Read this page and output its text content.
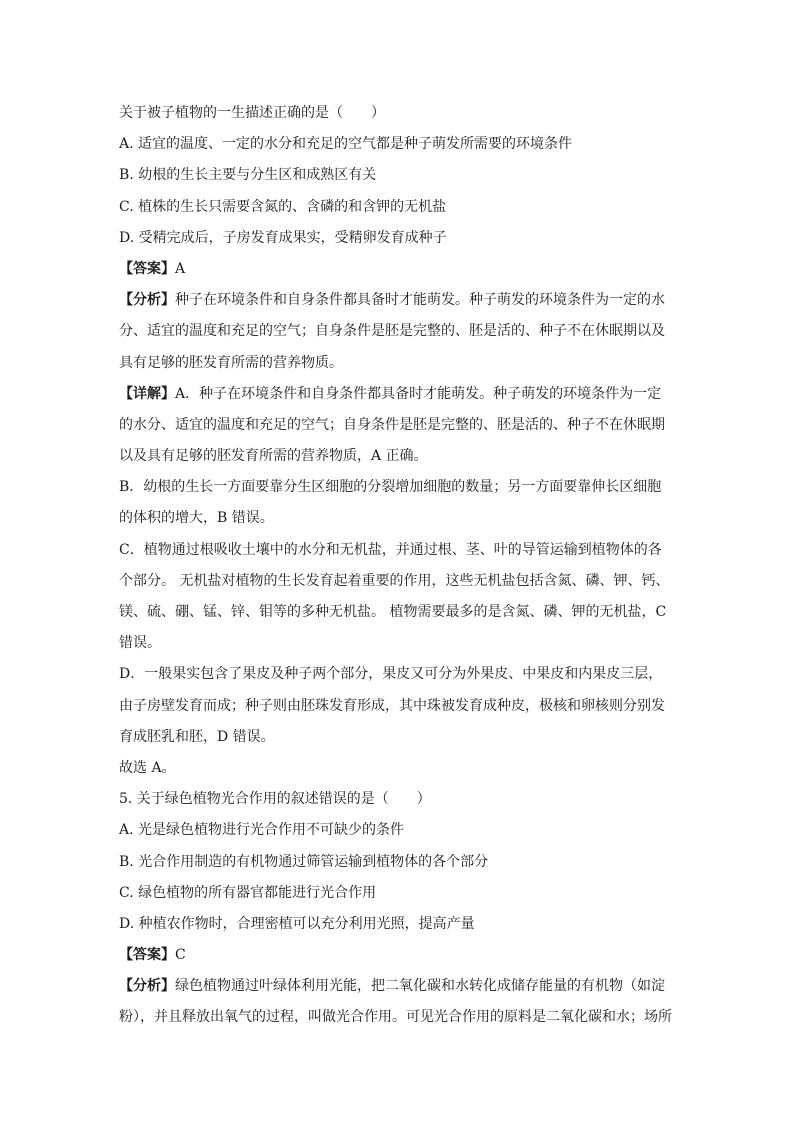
关于被子植物的一生描述正确的是（　　）
A. 适宜的温度、一定的水分和充足的空气都是种子萌发所需要的环境条件
B. 幼根的生长主要与分生区和成熟区有关
C. 植株的生长只需要含氮的、含磷的和含钾的无机盐
D. 受精完成后，子房发育成果实，受精卵发育成种子
【答案】A
【分析】种子在环境条件和自身条件都具备时才能萌发。种子萌发的环境条件为一定的水
分、适宜的温度和充足的空气；自身条件是胚是完整的、胚是活的、种子不在休眠期以及
具有足够的胚发育所需的营养物质。
【详解】A．种子在环境条件和自身条件都具备时才能萌发。种子萌发的环境条件为一定
的水分、适宜的温度和充足的空气；自身条件是胚是完整的、胚是活的、种子不在休眠期
以及具有足够的胚发育所需的营养物质，A 正确。
B．幼根的生长一方面要靠分生区细胞的分裂增加细胞的数量；另一方面要靠伸长区细胞
的体积的增大，B 错误。
C．植物通过根吸收土壤中的水分和无机盐，并通过根、茎、叶的导管运输到植物体的各
个部分。 无机盐对植物的生长发育起着重要的作用，这些无机盐包括含氮、磷、钾、钙、
镁、硫、硼、锰、锌、钼等的多种无机盐。 植物需要最多的是含氮、磷、钾的无机盐，C
错误。
D．一般果实包含了果皮及种子两个部分，果皮又可分为外果皮、中果皮和内果皮三层，
由子房壁发育而成；种子则由胚珠发育形成，其中珠被发育成种皮，极核和卵核则分别发
育成胚乳和胚，D 错误。
故选 A。
5. 关于绿色植物光合作用的叙述错误的是（　　）
A. 光是绿色植物进行光合作用不可缺少的条件
B. 光合作用制造的有机物通过筛管运输到植物体的各个部分
C. 绿色植物的所有器官都能进行光合作用
D. 种植农作物时，合理密植可以充分利用光照，提高产量
【答案】C
【分析】绿色植物通过叶绿体利用光能，把二氧化碳和水转化成储存能量的有机物（如淀
粉），并且释放出氧气的过程，叫做光合作用。可见光合作用的原料是二氧化碳和水；场所
